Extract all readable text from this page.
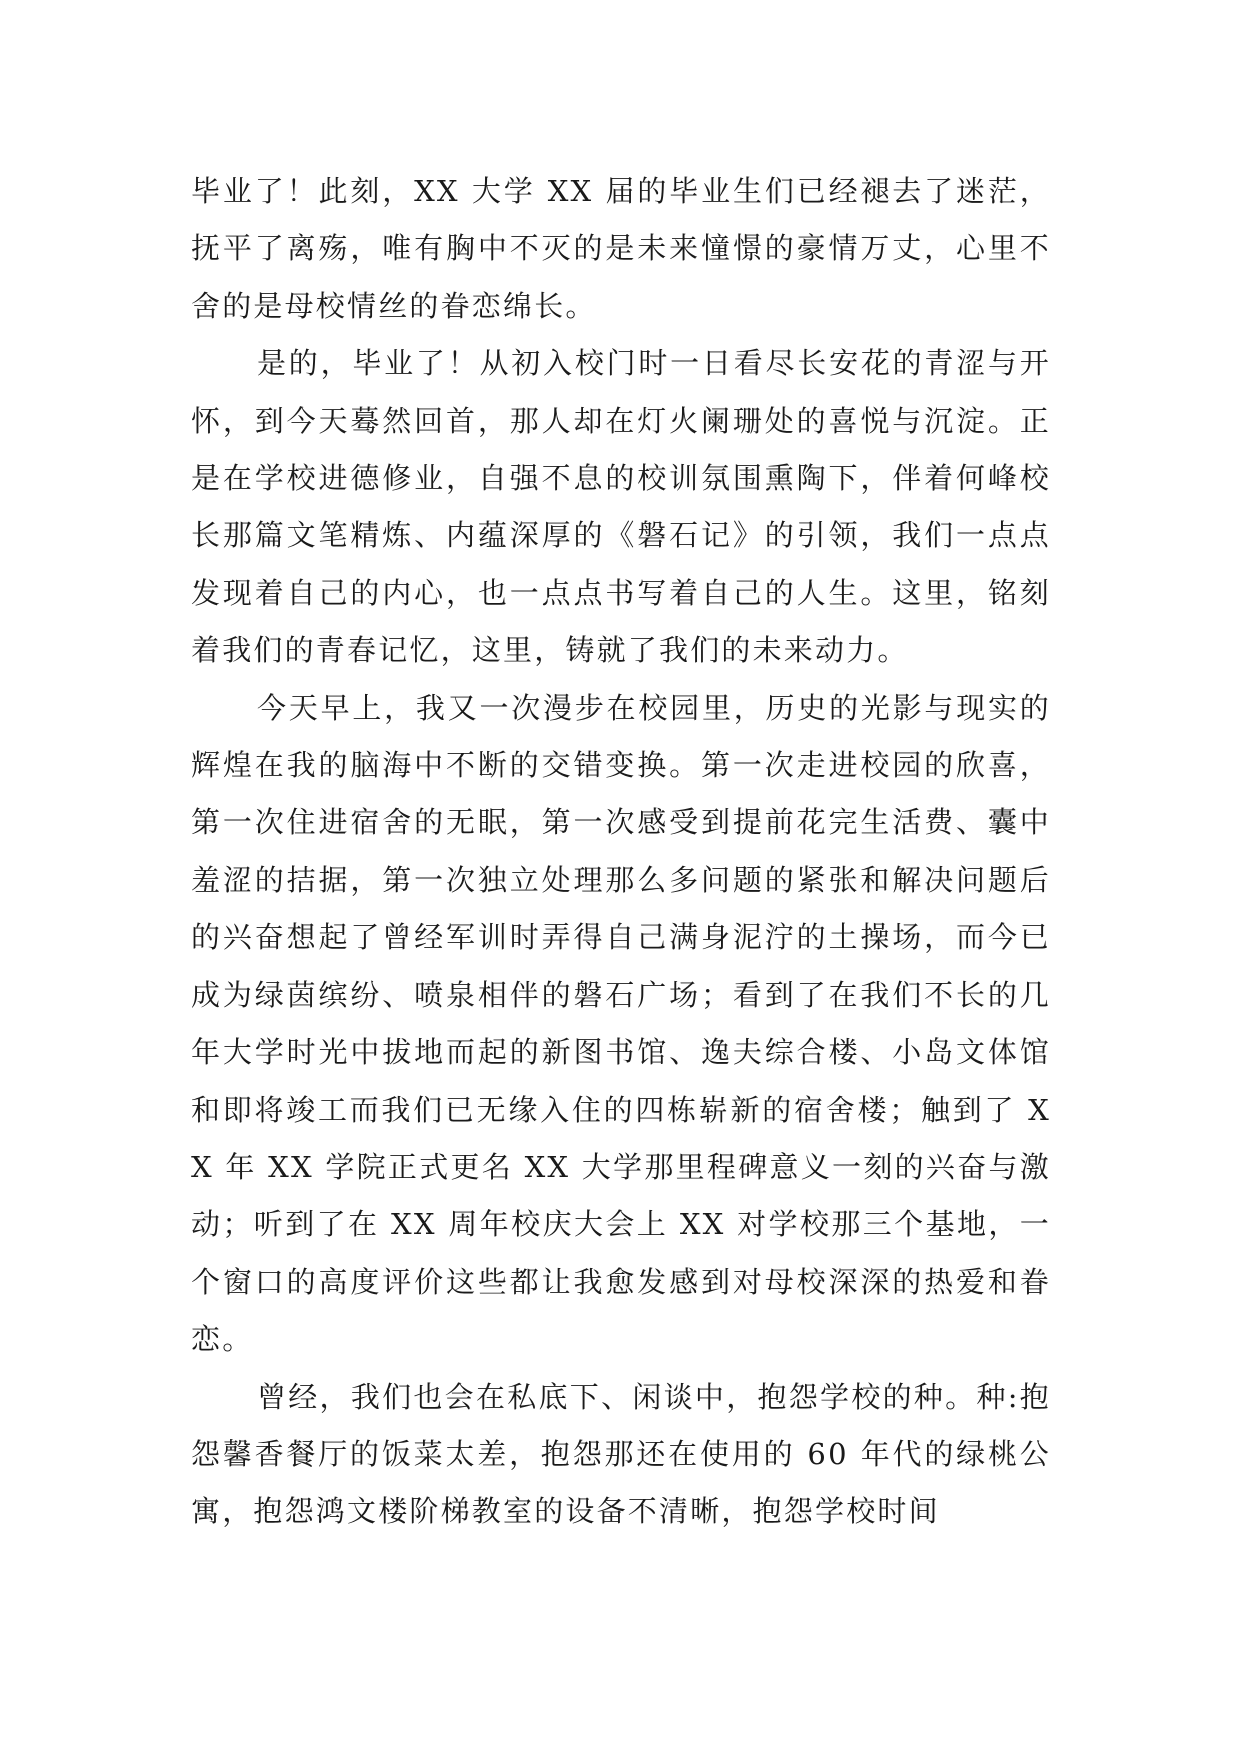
毕业了！此刻，XX 大学 XX 届的毕业生们已经褪去了迷茫，抚平了离殇，唯有胸中不灭的是未来憧憬的豪情万丈，心里不舍的是母校情丝的眷恋绵长。

是的，毕业了！从初入校门时一日看尽长安花的青涩与开怀，到今天蓦然回首，那人却在灯火阑珊处的喜悦与沉淀。正是在学校进德修业，自强不息的校训氛围熏陶下，伴着何峰校长那篇文笔精炼、内蕴深厚的《磐石记》的引领，我们一点点发现着自己的内心，也一点点书写着自己的人生。这里，铭刻着我们的青春记忆，这里，铸就了我们的未来动力。

今天早上，我又一次漫步在校园里，历史的光影与现实的辉煌在我的脑海中不断的交错变换。第一次走进校园的欣喜，第一次住进宿舍的无眠，第一次感受到提前花完生活费、囊中羞涩的拮据，第一次独立处理那么多问题的紧张和解决问题后的兴奋想起了曾经军训时弄得自己满身泥泞的土操场，而今已成为绿茵缤纷、喷泉相伴的磐石广场；看到了在我们不长的几年大学时光中拔地而起的新图书馆、逸夫综合楼、小岛文体馆和即将竣工而我们已无缘入住的四栋崭新的宿舍楼；触到了 XX 年 XX 学院正式更名 XX 大学那里程碑意义一刻的兴奋与激动；听到了在 XX 周年校庆大会上 XX 对学校那三个基地，一个窗口的高度评价这些都让我愈发感到对母校深深的热爱和眷恋。

曾经，我们也会在私底下、闲谈中，抱怨学校的种。种:抱怨馨香餐厅的饭菜太差，抱怨那还在使用的 60 年代的绿桃公寓，抱怨鸿文楼阶梯教室的设备不清晰，抱怨学校时间
